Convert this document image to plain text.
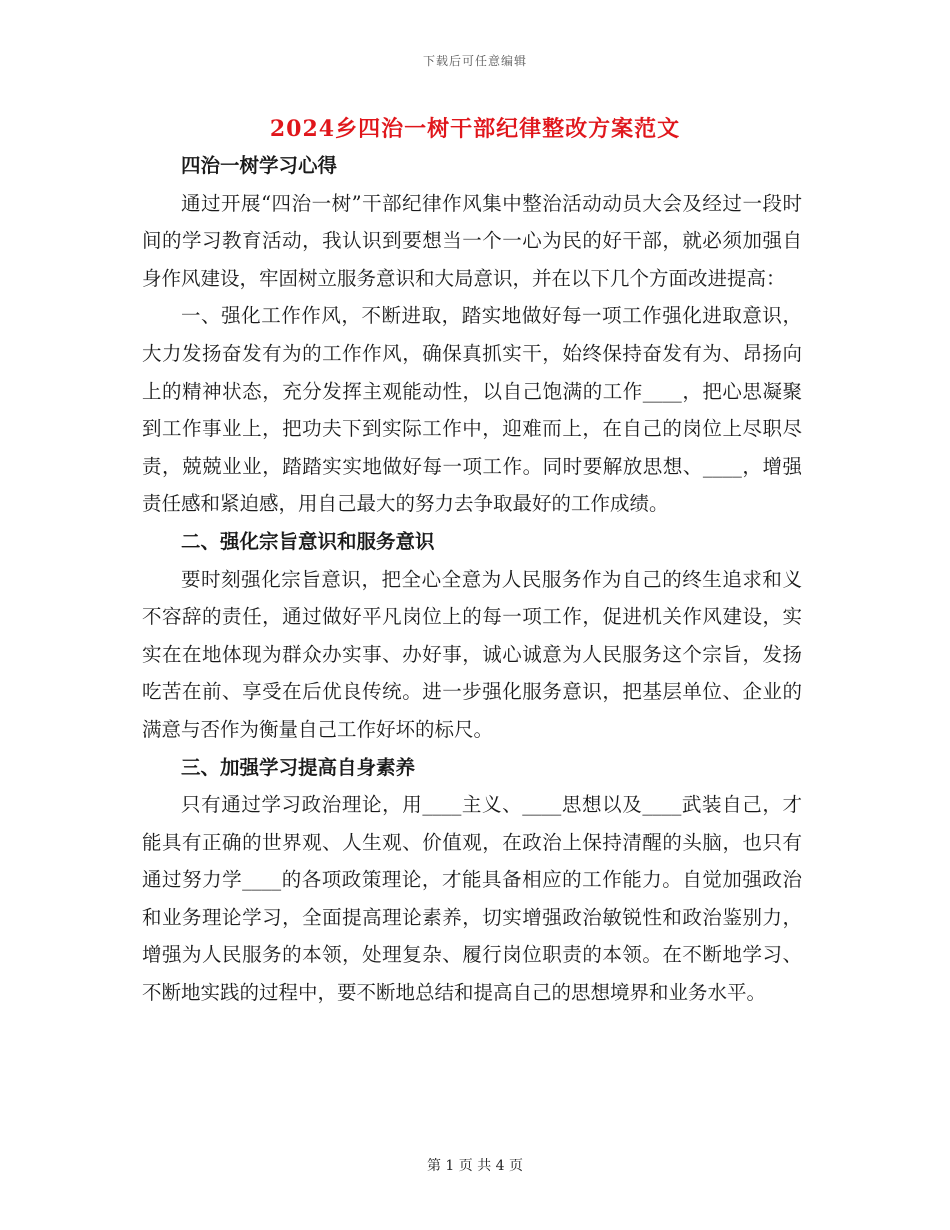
下载后可任意编辑
2024乡四治一树干部纪律整改方案范文

四治一树学习心得

通过开展“四治一树”干部纪律作风集中整治活动动员大会及经过一段时间的学习教育活动，我认识到要想当一个一心为民的好干部，就必须加强自身作风建设，牢固树立服务意识和大局意识，并在以下几个方面改进提高：

一、强化工作作风，不断进取，踏实地做好每一项工作强化进取意识，大力发扬奋发有为的工作作风，确保真抓实干，始终保持奋发有为、昂扬向上的精神状态，充分发挥主观能动性，以自己饱满的工作____，把心思凝聚到工作事业上，把功夫下到实际工作中，迎难而上，在自己的岗位上尽职尽责，兢兢业业，踏踏实实地做好每一项工作。同时要解放思想、____，增强责任感和紧迫感，用自己最大的努力去争取最好的工作成绩。

二、强化宗旨意识和服务意识

要时刻强化宗旨意识，把全心全意为人民服务作为自己的终生追求和义不容辞的责任，通过做好平凡岗位上的每一项工作，促进机关作风建设，实实在在地体现为群众办实事、办好事，诚心诚意为人民服务这个宗旨，发扬吃苦在前、享受在后优良传统。进一步强化服务意识，把基层单位、企业的满意与否作为衡量自己工作好坏的标尺。

三、加强学习提高自身素养

只有通过学习政治理论，用____主义、____思想以及____武装自己，才能具有正确的世界观、人生观、价值观，在政治上保持清醒的头脑，也只有通过努力学____的各项政策理论，才能具备相应的工作能力。自觉加强政治和业务理论学习，全面提高理论素养，切实增强政治敏锐性和政治鉴别力，增强为人民服务的本领，处理复杂、履行岗位职责的本领。在不断地学习、不断地实践的过程中，要不断地总结和提高自己的思想境界和业务水平。

第 1 页 共 4 页
